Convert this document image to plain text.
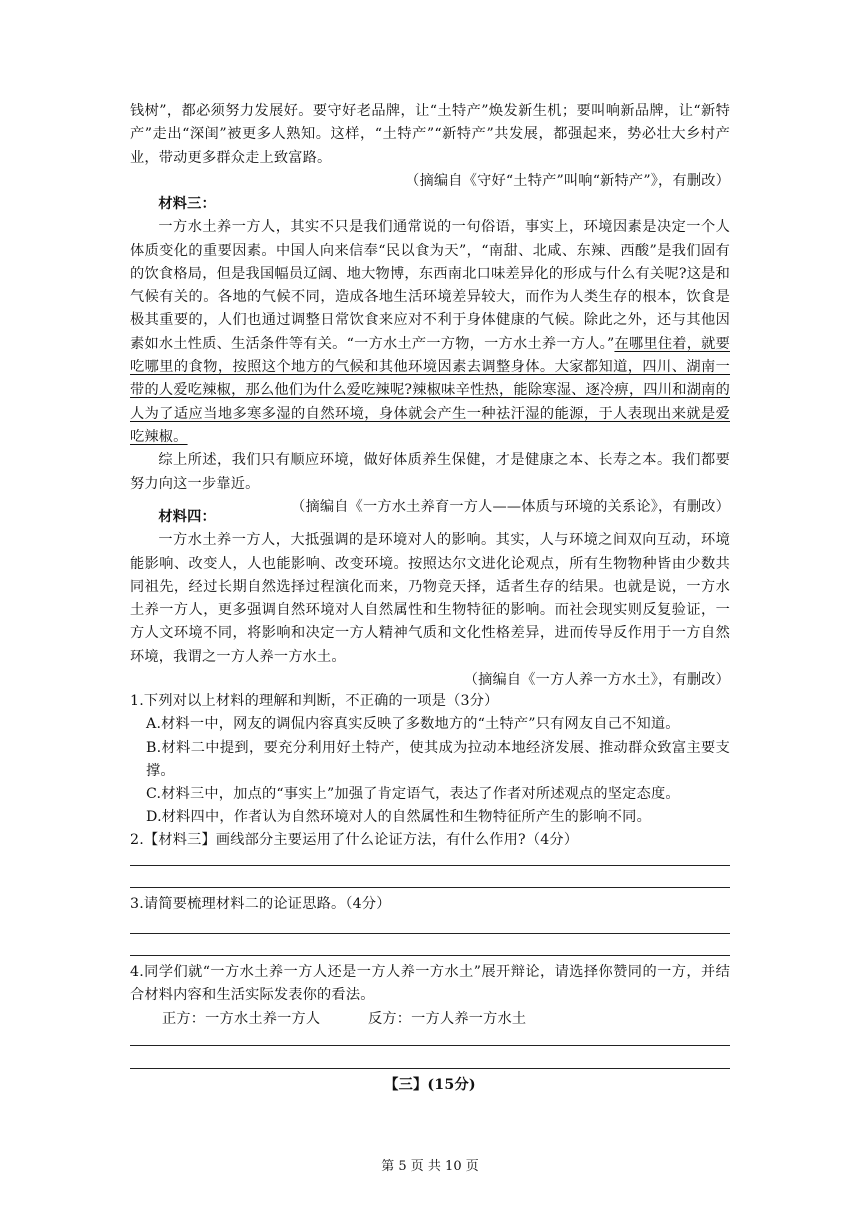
钱树”，都必须努力发展好。要守好老品牌，让“土特产”焕发新生机；要叫响新品牌，让“新特产”走出“深闺”被更多人熟知。这样，“土特产”“新特产”共发展，都强起来，势必壮大乡村产业，带动更多群众走上致富路。

（摘编自《守好“土特产”叫响“新特产”》，有删改）

材料三：

一方水土养一方人，其实不只是我们通常说的一句俗语，事实上，环境因素是决定一个人体质变化的重要因素。中国人向来信奉“民以食为天”，“南甜、北咸、东辣、西酸”是我们固有的饮食格局，但是我国幅员辽阔、地大物博，东西南北口味差异化的形成与什么有关呢?这是和气候有关的。各地的气候不同，造成各地生活环境差异较大，而作为人类生存的根本，饮食是极其重要的，人们也通过调整日常饮食来应对不利于身体健康的气候。除此之外，还与其他因素如水土性质、生活条件等有关。“一方水土产一方物，一方水土养一方人。”在哪里住着，就要吃哪里的食物，按照这个地方的气候和其他环境因素去调整身体。大家都知道，四川、湖南一带的人爱吃辣椒，那么他们为什么爱吃辣呢?辣椒味辛性热，能除寒湿、逐冷痹，四川和湖南的人为了适应当地多寒多湿的自然环境，身体就会产生一种祛汗湿的能源，于人表现出来就是爱吃辣椒。

综上所述，我们只有顺应环境，做好体质养生保健，才是健康之本、长寿之本。我们都要努力向这一步靠近。

（摘编自《一方水土养育一方人——体质与环境的关系论》，有删改）

材料四：

一方水土养一方人，大抵强调的是环境对人的影响。其实，人与环境之间双向互动，环境能影响、改变人，人也能影响、改变环境。按照达尔文进化论观点，所有生物物种皆由少数共同祖先，经过长期自然选择过程演化而来，乃物竞天择，适者生存的结果。也就是说，一方水土养一方人，更多强调自然环境对人自然属性和生物特征的影响。而社会现实则反复验证，一方人文环境不同，将影响和决定一方人精神气质和文化性格差异，进而传导反作用于一方自然环境，我谓之一方人养一方水土。

（摘编自《一方人养一方水土》，有删改）

1.下列对以上材料的理解和判断，不正确的一项是（3分）

A.材料一中，网友的调侃内容真实反映了多数地方的“土特产”只有网友自己不知道。

B.材料二中提到，要充分利用好土特产，使其成为拉动本地经济发展、推动群众致富主要支撑。

C.材料三中，加点的“事实上”加强了肯定语气，表达了作者对所述观点的坚定态度。

D.材料四中，作者认为自然环境对人的自然属性和生物特征所产生的影响不同。

2.【材料三】画线部分主要运用了什么论证方法，有什么作用?（4分）

3.请简要梳理材料二的论证思路。（4分）

4.同学们就“一方水土养一方人还是一方人养一方水土”展开辩论，请选择你赞同的一方，并结合材料内容和生活实际发表你的看法。

正方：一方水土养一方人	反方：一方人养一方水土

【三】(15分)
第 5 页 共 10 页
